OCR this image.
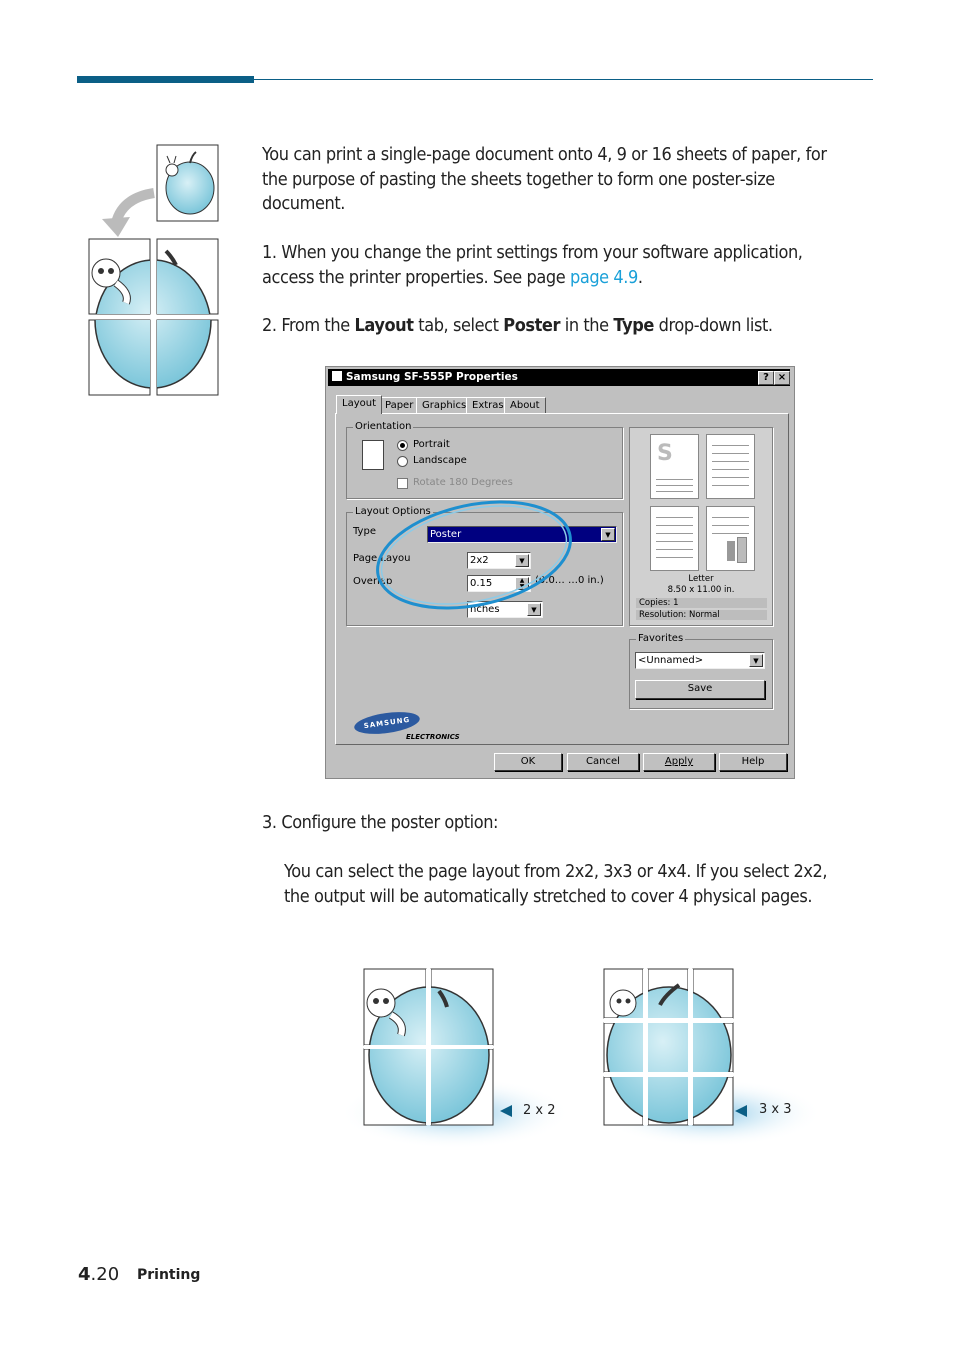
You can print a single-page document onto 4, 9 or 16 sheets of paper, for the purpose of pasting the sheets together to form one poster-size document.
1. When you change the print settings from your software application, access the printer properties. See page page 4.9.
2. From the Layout tab, select Poster in the Type drop-down list.
Samsung SF-555P Properties	? ×
Layout Paper Graphics Extras About
Orientation
Portrait
Landscape
Rotate 180 Degrees
Layout Options
Type	Poster	▼
Page Layou	2x2	▼
Overlap	0.15	▲
▼
(0.0… …0 in.)
nches	▼
S
Letter
8.50 x 11.00 in.
Copies: 1
Resolution: Normal
Favorites
<Unnamed>	▼
Save
SAMSUNG
ELECTRONICS
OK	Cancel	Apply	Help
3. Configure the poster option:
You can select the page layout from 2x2, 3x3 or 4x4. If you select 2x2, the output will be automatically stretched to cover 4 physical pages.
2 x 2	3 x 3
4.20 Printing
